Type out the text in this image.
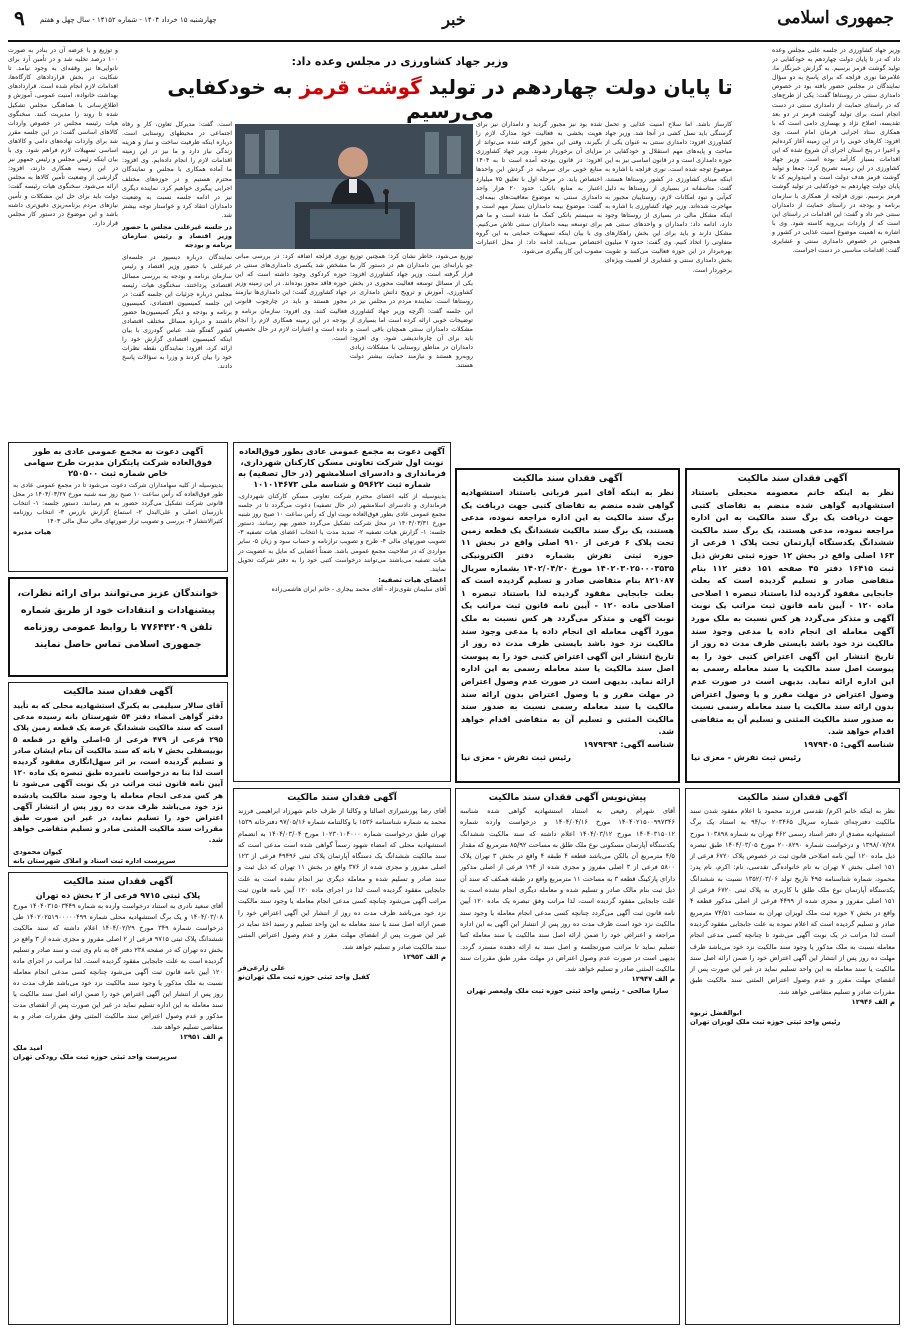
جمهوری اسلامی
خبر
۹ چهارشنبه ۱۵ خرداد ۱۴۰۴ - شماره ۱۴۱۵۲ - سال چهل و هفتم

وزیر جهاد کشاورزی در جلسه علنی مجلس وعده داد که در تا پایان دولت چهاردهم به خودکفایی در تولید گوشت قرمز برسیم. به گزارش خبرنگار ما، غلامرضا نوری قزلجه که برای پاسخ به دو سؤال نمایندگان در مجلس حضور یافته بود در خصوص دامداری سنتی در روستاها گفت: یکی از طرح‌های که در راستای حمایت از دامداری سنتی در دست انجام است برای تولید گوشت قرمز در دو بعد تقدیسه، اصلاح نژاد و بهسازی دامی است که با همکاری ستاد اجرایی فرمان امام است. وی افزود: کارهای خوبی را در این زمینه آغاز کرده‌ایم و اخیرا در پنج استان اجرای آن شروع شده که این اقدامات بسیار کارآمد بوده است. وزیر جهاد کشاورزی در این زمینه تصریح کرد: جمعا و تولید گوشت قرمز هدف دولت است و امیدواریم که تا پایان دولت چهاردهم به خودکفایی در تولید گوشت قرمز برسیم. نوری قزلجه از همکاری با سازمان برنامه و بودجه در راستای حمایت از دامداران سنتی خبر داد و گفت: این اقدامات در راستای این است که از واردات بی‌رویه کاسته شود. وی با اشاره به اهمیت موضوع امنیت غذایی در کشور و همچنین در خصوص دامداری سنتی و عشایری گفت: اقدامات مناسبی در دست اجراست.

وزیر جهاد کشاورزی در مجلس وعده داد:
تا پایان دولت چهاردهم در تولید گوشت قرمز به خودکفایی می‌رسیم

کارساز باشد. اما سلاح امنیت غذایی و تحمل گرسنگی باید نسل کشی در آنجا شد. وزیر جهاد کشاورزی افزود: دامداری سنتی به عنوان یکی از مباحث و پایه‌های مهم استقلال و خودکفایی در حوزه دامداری است و در قانون اساسی نیز به این موضوع توجه شده است. نوری قزلجه با اشاره به اینکه مبنای کشاورزی در کشور روستاها هستند، گفت: متاسفانه در بسیاری از روستاها به دلیل کم‌آبی و نبود امکانات لازم، روستاییان مجبور به مهاجرت شده‌اند. وزیر جهاد کشاورزی با اشاره به اینکه مشکل مالی در بسیاری از روستاها وجود دارد، ادامه داد: دامداران و واحدهای سنتی هم مشکل دارند و باید برای این بخش راهکارهای متفاوتی را اتخاذ کنیم. وی گفت: حدود ۷ میلیون بهره‌بردار در این حوزه فعالیت می‌کنند و تقویت بخش دامداری سنتی و عشایری از اهمیت ویژه‌ای برخوردار است.

شده بود نیز مجبور گردید و دامداران نیز برای هویت بخشی به فعالیت خود مدارک لازم را بگیرند، وقتی این مجوز گرفته شده می‌تواند از مزایای آن برخوردار شوند. وزیر جهاد کشاورزی افزود: در قانون بودجه آمده است تا به ۱۴۰۴ منابع خوبی برای سرمایه در گردش این واحدها اختصاص یابد. در مرحله اول با تعلیق ۷۵ میلیارد اعتبار به منابع بانکی: حدود ۲۰ هزار واحد دامداری سنتی به موضوع معافیت‌های بیمه‌ای، گفت: موضوع بیمه دامداران بسیار مهم است و به سیستم بانکی کمک ما شده است و ما هم برای توسعه بیمه دامداران سنتی تلاش می‌کنیم. وی با بیان اینکه تسهیلات حمایتی به این گروه اختصاص می‌یابد، ادامه داد: از محل اعتبارات مصوب این کار پیگیری می‌شود.

توزیع می‌شود، خاطر نشان کرد: همچنین توزیع جو یارانه‌ای بین دامداران هم در دستور کار ما قرار گرفته است. وزیر جهاد کشاورزی افزود: یکی از مسائل توسعه فعالیت محوری در بخش کشاورزی، آموزش و ترویج دانش دامداری در روستاها است. نماینده مردم در مجلس نیز در این جلسه گفت: اگرچه وزیر جهاد کشاورزی توضیحات خوبی ارائه کرده است اما بسیاری از مشکلات دامداران سنتی همچنان باقی است و باید برای آن چاره‌اندیشی شود. وی افزود: دامداران در مناطق روستایی با مشکلات زیادی روبه‌رو هستند و نیازمند حمایت بیشتر دولت هستند.

نوری قزلجه اضافه کرد: در بررسی مبانی مشخص شد یکسری دامداری‌های سنتی در حوزه کردکوی وجود داشته است که این حوزه فاقد مجوز بوده‌اند. در این زمینه وزیر جهاد کشاورزی گفت: این دامداری‌ها نیازمند مجوز هستند و باید در چارچوب قانونی فعالیت کنند. وی افزود: سازمان برنامه و بودجه در این زمینه همکاری لازم را انجام داده است و اعتبارات لازم در حال تخصیص است.

است. گفت: مدیرکل تعاون، کار و رفاه اجتماعی در محیطهای روستایی است. درباره اینکه ظرفیت ساخت و ساز و هزینه زندگی نیاز دارد و ما نیز در این زمینه اقدامات لازم را انجام داده‌ایم. وی افزود: ما آماده همکاری با مجلس و نمایندگان محترم هستیم و در حوزه‌های مختلف اجرایی پیگیری خواهیم کرد. نماینده دیگری نیز در ادامه جلسه نسبت به وضعیت دامداران انتقاد کرد و خواستار توجه بیشتر شد.

در جلسه غیرعلنی مجلس با حضور وزیر اقتصاد و رئیس سازمان برنامه و بودجه

نمایندگان درباره دیسپوز در جلسه‌ای غیرعلنی با حضور وزیر اقتصاد و رئیس سازمان برنامه و بودجه به بررسی مسائل اقتصادی پرداختند. سخنگوی هیات رئیسه مجلس درباره جزئیات این جلسه گفت: در این جلسه کمیسیون اقتصادی، کمیسیون برنامه و بودجه و دیگر کمیسیون‌ها حضور داشتند و درباره مسائل مختلف اقتصادی کشور گفتگو شد. عباس گودرزی با بیان اینکه کمیسیون اقتصادی گزارش خود را ارائه کرد، افزود: نمایندگان نقطه نظرات خود را بیان کردند و وزرا به سؤالات پاسخ دادند.

و توزیع و یا عرضه آن در بنادر به صورت ۱۰۰ درصد تخلیه شد و در تأمین آرد برای نانوایی‌ها نیز وقفه‌ای به وجود نیامد. تا شکایت در بخش قراردادهای کارگاه‌ها، اقدامات لازم انجام شده است. قراردادهای بهداشت خانواده، امنیت عمومی، آموزش و اطلاع‌رسانی با هماهنگی مجلس تشکیل شده تا روند را مدیریت کنند. سخنگوی هیات رئیسه مجلس در خصوص واردات کالاهای اساسی گفت: در این جلسه مقرر شد برای واردات نهاده‌های دامی و کالاهای اساسی تسهیلات لازم فراهم شود. وی با بیان اینکه رئیس مجلس و رئیس جمهور نیز در این زمینه همکاری دارند، افزود: گزارشی از وضعیت تأمین کالاها به مجلس ارائه می‌شود. سخنگوی هیات رئیسه گفت: دولت باید برای حل این مشکلات و تأمین نیازهای مردم برنامه‌ریزی دقیق‌تری داشته باشد و این موضوع در دستور کار مجلس قرار دارد.

آگهی فقدان سند مالکیت
نظر به اینکه خانم معصومه محبعلی باستناد استشهادیه گواهی شده منضم به تقاضای کتبی جهت دریافت یک برگ سند مالکیت به این اداره مراجعه نموده، مدعی هستند، یک برگ سند مالکیت ششدانگ یکدستگاه آپارتمان تحت پلاک ۱ فرعی از ۱۶۳ اصلی واقع در بخش ۱۲ حوزه ثبتی تفرش ذیل ثبت ۱۶۴۱۵ دفتر ۴۵ صفحه ۱۵۱ دفتر ۱۱۲ بنام متقاضی صادر و تسلیم گردیده است که بعلت جابجایی مفقود گردیده لذا باستناد تبصره ۱ اصلاحی ماده ۱۲۰ - آیین نامه قانون ثبت مراتب یک نوبت آگهی و متذکر می‌گردد هر کس نسبت به ملک مورد آگهی معامله ای انجام داده یا مدعی وجود سند مالکیت نزد خود باشد بایستی ظرف مدت ده روز از تاریخ انتشار این آگهی اعتراض کتبی خود را به پیوست اصل سند مالکیت یا سند معامله رسمی به این اداره ارائه نماید. بدیهی است در صورت عدم وصول اعتراض در مهلت مقرر و یا وصول اعتراض بدون ارائه سند مالکیت یا سند معامله رسمی نسبت به صدور سند مالکیت المثنی و تسلیم آن به متقاضی اقدام خواهد شد.
شناسه آگهی: ۱۹۷۹۴۰۵
رئیس ثبت تفرش - معزی نیا
آگهی فقدان سند مالکیت
نظر به اینکه آقای امیر قربانی باستناد استشهادیه گواهی شده منضم به تقاضای کتبی جهت دریافت یک برگ سند مالکیت به این اداره مراجعه نموده، مدعی هستند، یک برگ سند مالکیت ششدانگ یک قطعه زمین تحت پلاک ۶ فرعی از ۹۱۰ اصلی واقع در بخش ۱۱ حوزه ثبتی تفرش بشماره دفتر الکترونیکی ۱۴۰۲۰۳۰۲۵۰۰۰۳۵۳۵ مورخ ۱۴۰۲/۰۴/۲۰ بشماره سریال ۸۲۱۰۸۷ بنام متقاضی صادر و تسلیم گردیده است که بعلت جابجایی مفقود گردیده لذا باستناد تبصره ۱ اصلاحی ماده ۱۲۰ - آیین نامه قانون ثبت مراتب یک نوبت آگهی و متذکر می‌گردد هر کس نسبت به ملک مورد آگهی معامله ای انجام داده یا مدعی وجود سند مالکیت نزد خود باشد بایستی ظرف مدت ده روز از تاریخ انتشار این آگهی اعتراض کتبی خود را به پیوست اصل سند مالکیت یا سند معامله رسمی به این اداره ارائه نماید. بدیهی است در صورت عدم وصول اعتراض در مهلت مقرر و یا وصول اعتراض بدون ارائه سند مالکیت یا سند معامله رسمی نسبت به صدور سند مالکیت المثنی و تسلیم آن به متقاضی اقدام خواهد شد.
شناسه آگهی: ۱۹۷۹۳۹۴
رئیس ثبت تفرش - معزی نیا
آگهی دعوت به مجمع عمومی عادی بطور فوق‌العاده نوبت اول شرکت تعاونی مسکن کارکنان شهرداری، فرمانداری و دادسرای اسلامشهر (در حال تصفیه) به شماره ثبت ۵۹۶۲۲ و شناسه ملی ۱۰۱۰۱۴۶۷۳
بدینوسیله از کلیه اعضای محترم شرکت تعاونی مسکن کارکنان شهرداری، فرمانداری و دادسرای اسلامشهر (در حال تصفیه) دعوت می‌گردد تا در جلسه مجمع عمومی عادی بطور فوق‌العاده نوبت اول که رأس ساعت ۱۰ صبح روز شنبه مورخ ۱۴۰۴/۰۳/۳۱ در محل شرکت تشکیل می‌گردد حضور بهم رسانند. دستور جلسه: ۱- گزارش هیات تصفیه ۲- تمدید مدت یا انتخاب اعضای هیات تصفیه ۳- تصویب صورتهای مالی ۴- طرح و تصویب ترازنامه و حساب سود و زیان ۵- سایر مواردی که در صلاحیت مجمع عمومی باشد. ضمناً اعضایی که مایل به عضویت در هیات تصفیه می‌باشند می‌توانند درخواست کتبی خود را به دفتر شرکت تحویل نمایند.
اعضای هیات تصفیه:
آقای سلیمان تقوی‌نژاد - آقای محمد بیجاری - خانم ایران هاشمی‌زاده
آگهی دعوت به مجمع عمومی عادی به طور فوق‌العاده شرکت پایتکران مدیرت طرح سهامی خاص شماره ثبت ۲۵۰۵۰۰
بدینوسیله از کلیه سهامداران شرکت دعوت می‌شود تا در مجمع عمومی عادی به طور فوق‌العاده که رأس ساعت ۱۰ صبح روز سه شنبه مورخ ۱۴۰۴/۰۳/۲۷ در محل قانونی شرکت تشکیل می‌گردد حضور به هم رسانند. دستور جلسه: ۱- انتخاب بازرسان اصلی و علی‌البدل ۲- استماع گزارش بازرس ۳- انتخاب روزنامه کثیرالانتشار ۴- بررسی و تصویب تراز صورتهای مالی سال مالی ۱۴۰۳
هیات مدیره
خوانندگان عزیز می‌توانند برای ارائه نظرات، پیشنهادات و انتقادات خود از طریق شماره تلفن ۷۷۶۴۴۲۰۹ با روابط عمومی روزنامه جمهوری اسلامی تماس حاصل نمایند
آگهی فقدان سند مالکیت
آقای سالار سیلیمی به یکبرگ استشهادیه محلی که به تأیید دفتر گواهی امضاء دفتر ۵۴ شهرستان بانه رسیده مدعی است که سند مالکیت ششدانگ عرصه یک قطعه زمین پلاک ۲۹۵ فرعی از ۴۷۹ فرعی از ۵-اصلی واقع در قطعه ۵ بوییسفلی بخش ۷ بانه که سند مالکیت آن بنام ایشان صادر و تسلیم گردیده است، بر اثر سهل‌انگاری مفقود گردیده است لذا بنا به درخواست نامبرده طبق تبصره یک ماده ۱۲۰ آیین نامه قانون ثبت مراتب در یک نوبت آگهی می‌شود تا هر کس مدعی انجام معامله یا وجود سند مالکیت یادشده نزد خود می‌باشد ظرف مدت ده روز پس از انتشار آگهی اعتراض خود را تسلیم نماید، در غیر این صورت طبق مقررات سند مالکیت المثنی صادر و تسلیم متقاضی خواهد شد.
کیوان محمودی
سرپرست اداره ثبت اسناد و املاک شهرستان بانه
آگهی فقدان سند مالکیت
نظر به اینکه خانم اکرم/ تقدسی فرزند محمود با اعلام مفقود شدن سند مالکیت دفترچه‌ای شماره سریال ۲۰۳۴۶۵ ب/۹۴ به استناد یک برگ استشهادیه مصدق از دفتر اسناد رسمی ۴۶۲ تهران به شماره ۱۰۳۸۹۸ مورخ ۱۳۹۸/۰۷/۲۸ و درخواست شماره ۲۰۰۸۲۹۰ مورخ ۱۴۰۴/۰۳/۰۵ طبق تبصره ذیل ماده ۱۲۰ آیین نامه اصلاحی قانون ثبت در خصوص پلاک ۶۷۲۰ فرعی از ۱۵۱ اصلی بخش ۷ تهران به نام خانواده‌گی تقدسی، نام: اکرم، نام پدر: محمود، شماره شناسنامه ۴۹۵ تاریخ تولد ۱۳۵۲/۰۳/۰۶ نسبت به ششدانگ یکدستگاه آپارتمان نوع ملک طلق با کاربری به پلاک ثبتی ۶۷۲۰ فرعی از ۱۵۱ اصلی مفروز و مجزی شده از ۴۴۹۹ فرعی از اصلی مذکور قطعه ۴ واقع در بخش ۷ حوزه ثبت ملک لویزان تهران به مساحت ۷۴/۵۱ مترمربع صادر و تسلیم گردیده است که اعلام نموده به علت جابجایی مفقود گردیده است لذا مراتب در یک نوبت آگهی می‌شود تا چنانچه کسی مدعی انجام معامله نسبت به ملک مذکور یا وجود سند مالکیت نزد خود می‌باشد ظرف مهلت ده روز پس از انتشار این آگهی اعتراض خود را ضمن ارائه اصل سند مالکیت یا سند معامله به این واحد تسلیم نماید در غیر این صورت پس از انقضای مهلت مقرر و عدم وصول اعتراض المثنی سند مالکیت طبق مقررات صادر و تسلیم متقاضی خواهد شد.
م الف ۱۲۹۴۶
ابوالفضل تربوه
رئیس واحد ثبتی حوزه ثبت ملک لویزان تهران
پیش‌نویس آگهی فقدان سند مالکیت
آقای شهرام رفیعی به استناد استشهادیه گواهی شده شناسه ۱۴۰۴۰۲۱۵۰۰۹۹۷۳۴۶ مورخ ۱۴۰۴/۰۴/۱۶ و درخواست وارده شماره ۱۴۰۴۰۳۱۵۰۱۲ مورخ ۱۴۰۴/۰۳/۱۲ اعلام داشته که سند مالکیت ششدانگ یکدستگاه آپارتمان مسکونی نوع ملک طلق به مساحت ۸۵/۹۲ مترمربع که مقدار ۴/۵ مترمربع آن بالکن می‌باشد قطعه ۴ طبقه ۴ واقع در بخش ۳ تهران پلاک ۵۸۰۰ فرعی از ۳ اصلی مفروز و مجزی شده از ۱۹۴ فرعی از اصلی مذکور دارای پارکینگ قطعه ۳ به مساحت ۱۱ مترمربع واقع در طبقه همکف که سند آن ذیل ثبت بنام مالک صادر و تسلیم شده و معامله دیگری انجام نشده است به علت جابجایی مفقود گردیده است، لذا مراتب وفق تبصره یک ماده ۱۲۰ آیین نامه قانون ثبت آگهی می‌گردد چنانچه کسی مدعی انجام معامله یا وجود سند مالکیت نزد خود است ظرف مدت ده روز پس از انتشار این آگهی به این اداره مراجعه و اعتراض خود را ضمن ارائه اصل سند مالکیت یا سند معامله کتبا تسلیم نماید تا مراتب صورتجلسه و اصل سند به ارائه دهنده مسترد گردد. بدیهی است در صورت عدم وصول اعتراض در مهلت مقرر طبق مقررات سند مالکیت المثنی صادر و تسلیم خواهد شد.
م الف ۱۲۹۴۷
سارا صالحی - رئیس واحد ثبتی حوزه ثبت ملک ولیعصر تهران
آگهی فقدان سند مالکیت
آقای رضا پورشیرازی اصالتا و وکالتا از طرف خانم شهرزاد ابراهیمی فرزند محمد به شماره شناسنامه ۱۵۳۶ با وکالتنامه شماره ۹۷/۰۵/۱۶ دفترخانه ۱۵۳۹ تهران طبق درخواست شماره ۱۰۲۳۰۱۰۴۰۰۰ مورخ ۱۴۰۴/۰۳/۰۴ به انضمام استشهادیه محلی که امضاء شهود رسماً گواهی شده است مدعی است که سند مالکیت ششدانگ یک دستگاه آپارتمان پلاک ثبتی ۴۹۴۹۶ فرعی از ۱۲۳ اصلی مفروز و مجزی شده از ۳۷۶ واقع در بخش ۱۱ تهران که ذیل ثبت و سند صادر و تسلیم شده و معامله دیگری نیز انجام نشده است به علت جابجایی مفقود گردیده است لذا در اجرای ماده ۱۲۰ آیین نامه قانون ثبت مراتب آگهی می‌شود چنانچه کسی مدعی انجام معامله یا وجود سند مالکیت نزد خود می‌باشد ظرف مدت ده روز از انتشار این آگهی اعتراض خود را ضمن ارائه اصل سند یا سند معامله به این واحد تسلیم و رسید اخذ نماید در غیر این صورت پس از انقضای مهلت مقرر و عدم وصول اعتراض المثنی سند مالکیت صادر و تسلیم خواهد شد.
م الف ۱۲۹۵۳
علی زارعی‌فر
کفیل واحد ثبتی حوزه ثبت ملک تهران‌نو
آگهی فقدان سند مالکیت
پلاک ثبتی ۹۷۱۵ فرعی از ۲ بخش ده تهران
آقای سعید نادری به استناد درخواست وارده به شماره ۱۴۰۴۰۳۱۵۰۳۴۴۹ مورخ ۱۴۰۴/۰۳/۰۸ و یک برگ استشهادیه محلی شماره ۱۴۰۲۰۲۵۱۹۰۰۰۰۰۴۹۹ طی درخواست شماره ۳۴۹ مورخ ۱۴۰۴/۰۲/۲۹ اعلام داشته که سند مالکیت ششدانگ پلاک ثبتی ۹۷۱۵ فرعی از ۲ اصلی مفروز و مجزی شده از ۳ واقع در بخش ده تهران که در صفحه ۲۳۸ دفتر ۵۴ به نام وی ثبت و سند صادر و تسلیم گردیده است به علت جابجایی مفقود گردیده است. لذا مراتب در اجرای ماده ۱۲۰ آیین نامه قانون ثبت آگهی می‌شود چنانچه کسی مدعی انجام معامله نسبت به ملک مذکور یا وجود سند مالکیت نزد خود می‌باشد ظرف مدت ده روز پس از انتشار این آگهی اعتراض خود را ضمن ارائه اصل سند مالکیت یا سند معامله به این اداره تسلیم نماید در غیر این صورت پس از انقضای مدت مذکور و عدم وصول اعتراض سند مالکیت المثنی وفق مقررات صادر و به متقاضی تسلیم خواهد شد.
م الف ۱۲۹۵۱
امید ملک
سرپرست واحد ثبتی حوزه ثبت ملک رودکی تهران
